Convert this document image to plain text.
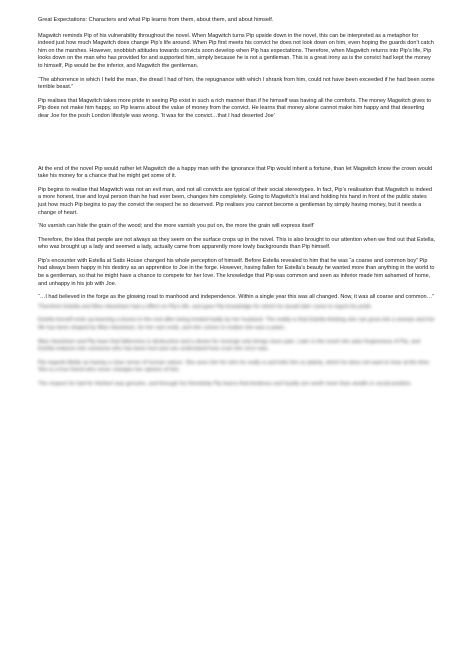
Great Expectations: Characters and what Pip learns from them, about them, and about himself.

Magwitch reminds Pip of his vulnerability throughout the novel. When Magwitch turns Pip upside down in the novel, this can be interpreted as a metaphor for indeed just how much Magwitch does change Pip’s life around. When Pip first meets his convict he does not look down on him, even hoping the guards don’t catch him on the marshes. However, snobbish attitudes towards convicts soon develop when Pip has expectations. Therefore, when Magwitch returns into Pip’s life, Pip looks down on the man who has provided for and supported him, simply because he is not a gentleman. This is a great irony as is the convict had kept the money to himself, Pip would be the inferior, and Magwitch the gentleman.

“The abhorrence in which I held the man, the dread I had of him, the repugnance with which I shrank from him, could not have been exceeded if he had been some terrible beast.”

Pip realises that Magwitch takes more pride in seeing Pip exist in such a rich manner than if he himself was having all the comforts. The money Magwitch gives to Pip does not make him happy, so Pip learns about the value of money from the convict. He learns that money alone cannot make him happy and that deserting dear Joe for the posh London lifestyle was wrong. ‘It was for the convict…that I had deserted Joe’

At the end of the novel Pip would rather let Magwitch die a happy man with the ignorance that Pip would inherit a fortune, than let Magwitch know the crown would take his money for a chance that he might get some of it.

Pip begins to realise that Magwitch was not an evil man, and not all convicts are typical of their social stereotypes. In fact, Pip’s realisation that Magwitch is indeed a more honest, true and loyal person than he had ever been, changes him completely. Going to Magwitch’s trial and holding his hand in front of the public states just how much Pip begins to pay the convict the respect he so deserved. Pip realises you cannot become a gentleman by simply having money, but it needs a change of heart.

‘No varnish can hide the grain of the wood; and the more varnish you put on, the more the grain will express itself’

Therefore, the idea that people are not always as they seem on the surface crops up in the novel. This is also brought to our attention when we find out that Estella, who was brought up a lady and seemed a lady, actually came from apparently more lowly backgrounds than Pip himself.

Pip’s encounter with Estella at Satis House changed his whole perception of himself. Before Estella revealed to him that he was “a coarse and common boy” Pip had always been happy in his destiny as an apprentice to Joe in the forge. However, having fallen for Estella’s beauty he wanted more than anything in the world to be a gentleman, so that he might have a chance to compete for her love. The knowledge that Pip was common and seen as inferior made him ashamed of home, and unhappy in his job with Joe.

“…I had believed in the forge as the glowing road to manhood and independence. Within a single year this was all changed. Now, it was all coarse and common…”

Therefore Estella and Miss Havisham had a effect on Pip’s life, and gave Pip knowledge for which he would later come to regret his pride.

Estella herself ends up learning a lesson in the end after being treated badly by her husband. The reality is that Estella thinking she can grow into a woman and her life has been shaped by Miss Havisham, for her own ends, and she comes to realise she was a pawn.

Miss Havisham and Pip learn that bitterness is destructive and a desire for revenge only brings more pain. Later in the novel she asks forgiveness of Pip, and Estella matures into someone who has been hurt and can understand how cruel she once was.

Pip regards Biddy as having a clear sense of human nature. She sees him for who he really is and tells him so plainly, which he does not want to hear at the time. She is a true friend who never changes her opinion of him.

The respect he had for Herbert was genuine, and through his friendship Pip learns that kindness and loyalty are worth more than wealth or social position.
